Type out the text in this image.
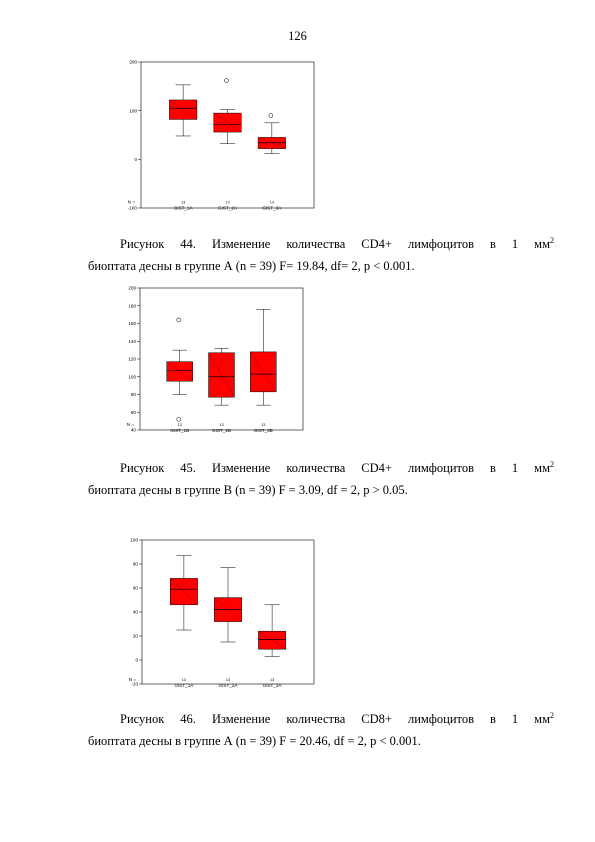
126
-100
0
100
200
N =	13
GIST_1A
13
GIST_2A
13
GIST_3A
Рисунок 44. Изменение количества CD4+ лимфоцитов в 1 $мм^2$
биоптата десны в группе А (n = 39) F= 19.84, df= 2, p < 0.001.
40
60
80
100
120
140
160
180
200
N =	13
GIST_1B
13
GIST_2B
13
GIST_3B
Рисунок 45. Изменение количества CD4+ лимфоцитов в 1 $мм^2$
биоптата десны в группе В (n = 39) F = 3.09, df = 2, p > 0.05.
-20
0
20
40
60
80
100
N =	13
GIST_1A
13
GIST_2A
13
GIST_3A
Рисунок 46. Изменение количества CD8+ лимфоцитов в 1 $мм^2$
биоптата десны в группе А (n = 39) F = 20.46, df = 2, p < 0.001.
